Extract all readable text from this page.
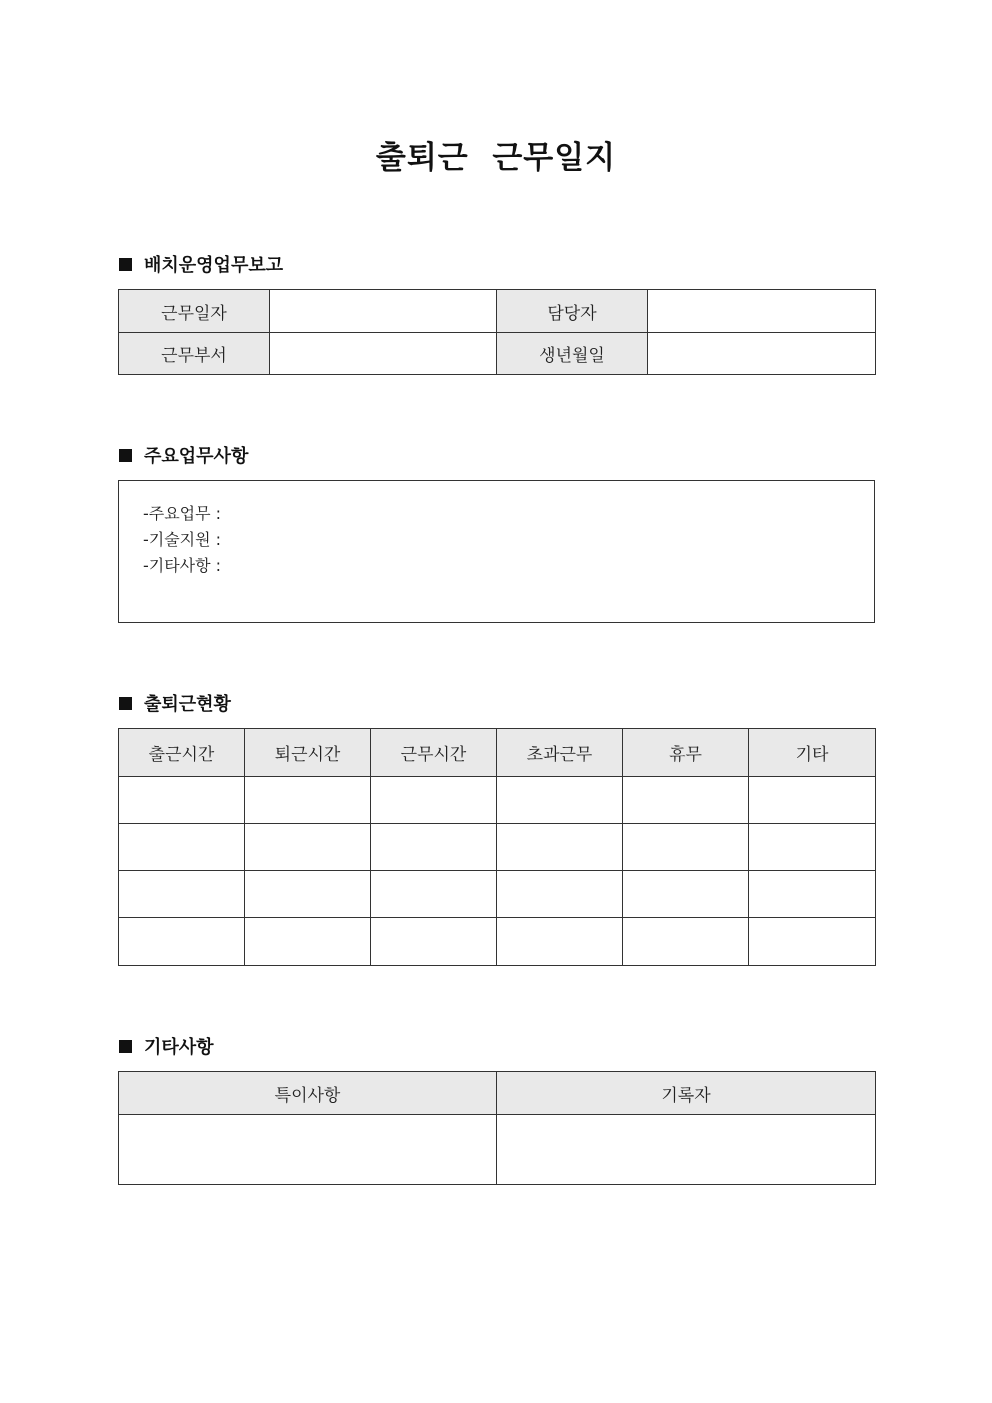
출퇴근  근무일지
배치운영업무보고
근무일자		담당자	
근무부서		생년월일	
주요업무사항
-주요업무 :
-기술지원 :
-기타사항 :
출퇴근현황
출근시간	퇴근시간	근무시간	초과근무	휴무	기타

기타사항
특이사항	기록자
